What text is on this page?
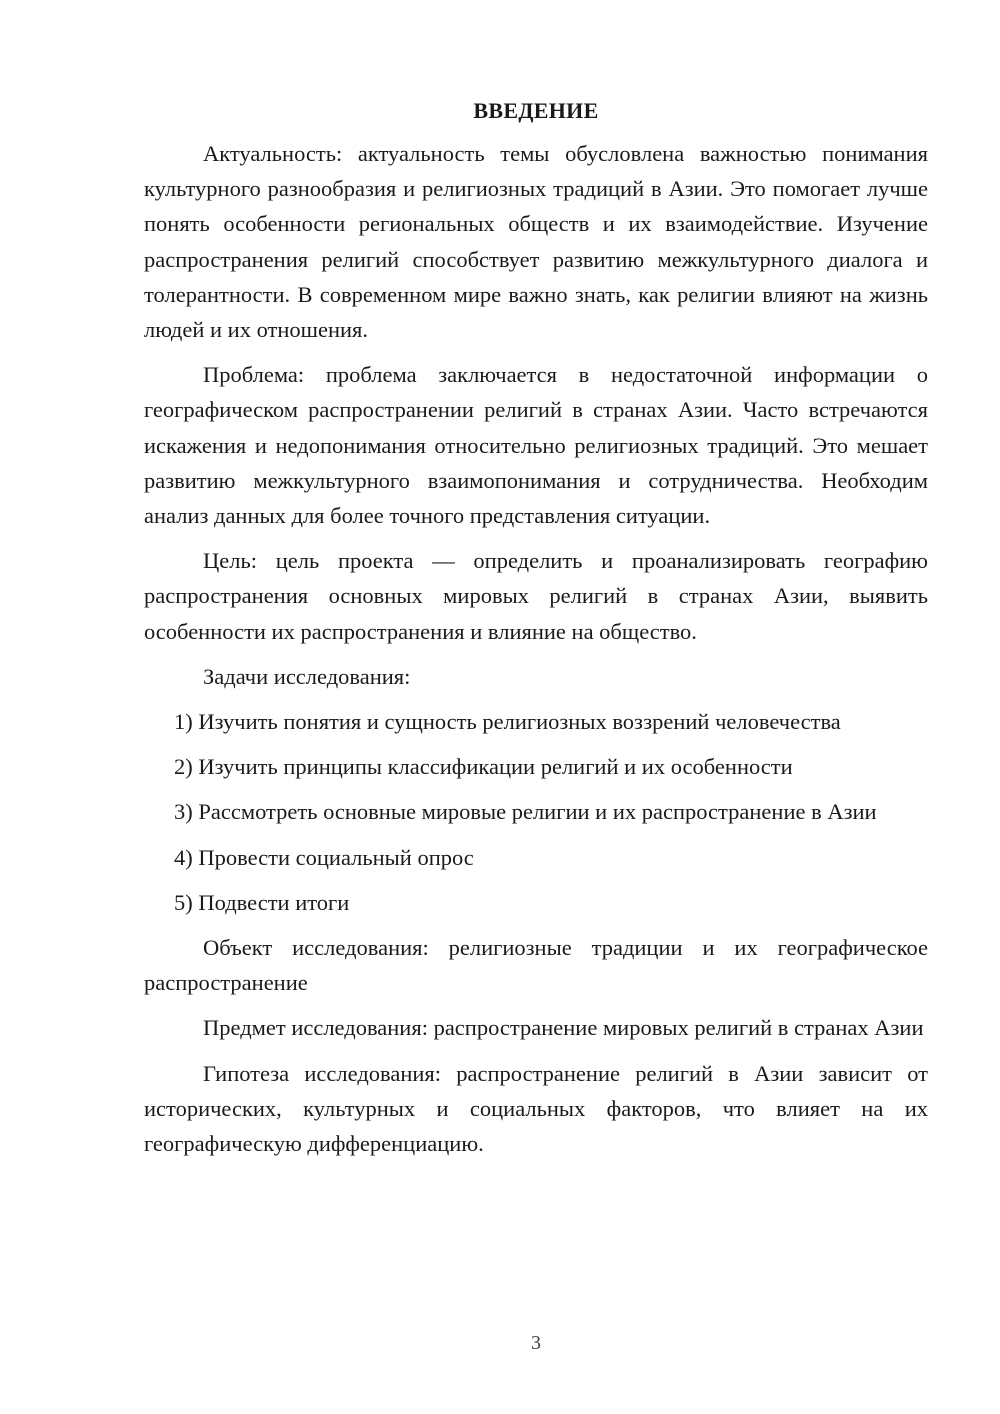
ВВЕДЕНИЕ

Актуальность: актуальность темы обусловлена важностью понимания культурного разнообразия и религиозных традиций в Азии. Это помогает лучше понять особенности региональных обществ и их взаимодействие. Изучение распространения религий способствует развитию межкультурного диалога и толерантности. В современном мире важно знать, как религии влияют на жизнь людей и их отношения.

Проблема: проблема заключается в недостаточной информации о географическом распространении религий в странах Азии. Часто встречаются искажения и недопонимания относительно религиозных традиций. Это мешает развитию межкультурного взаимопонимания и сотрудничества. Необходим анализ данных для более точного представления ситуации.

Цель: цель проекта — определить и проанализировать географию распространения основных мировых религий в странах Азии, выявить особенности их распространения и влияние на общество.

Задачи исследования:

1) Изучить понятия и сущность религиозных воззрений человечества

2) Изучить принципы классификации религий и их особенности

3) Рассмотреть основные мировые религии и их распространение в Азии

4) Провести социальный опрос

5) Подвести итоги

Объект исследования: религиозные традиции и их географическое распространение

Предмет исследования: распространение мировых религий в странах Азии

Гипотеза исследования: распространение религий в Азии зависит от исторических, культурных и социальных факторов, что влияет на их географическую дифференциацию.

3
